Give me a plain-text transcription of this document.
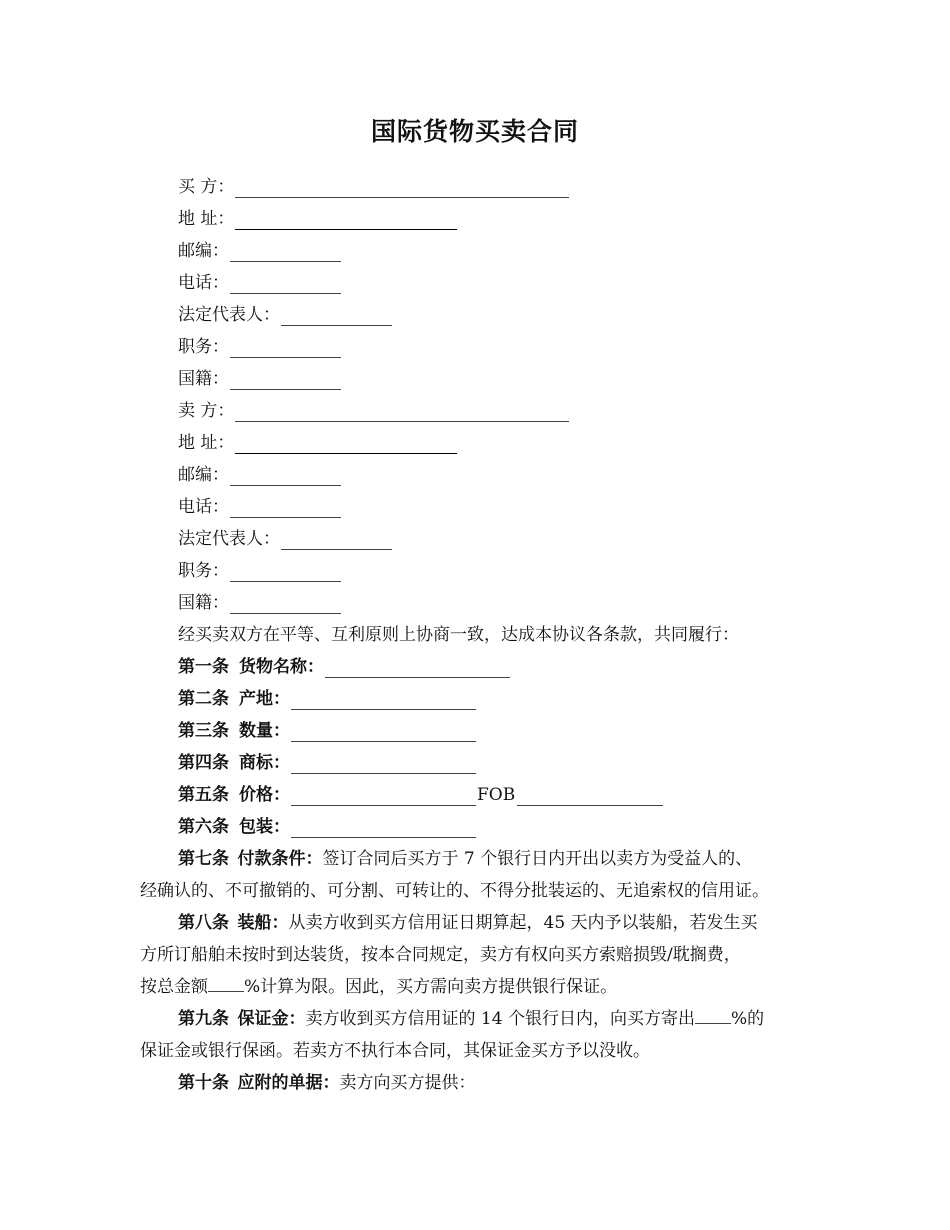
国际货物买卖合同
买 方：
地 址：
邮编：
电话：
法定代表人：
职务：
国籍：
卖 方：
地 址：
邮编：
电话：
法定代表人：
职务：
国籍：
经买卖双方在平等、互利原则上协商一致，达成本协议各条款，共同履行：
第一条 货物名称：
第二条 产地：
第三条 数量：
第四条 商标：
第五条 价格：	FOB
第六条 包装：
第七条  付款条件：签订合同后买方于 7 个银行日内开出以卖方为受益人的、
经确认的、不可撤销的、可分割、可转让的、不得分批装运的、无追索权的信用证。
第八条  装船：从卖方收到买方信用证日期算起，45 天内予以装船，若发生买
方所订船舶未按时到达装货，按本合同规定，卖方有权向买方索赔损毁/耽搁费，
按总金额 %计算为限。因此，买方需向卖方提供银行保证。
第九条  保证金：卖方收到买方信用证的 14 个银行日内，向买方寄出 %的
保证金或银行保函。若卖方不执行本合同，其保证金买方予以没收。
第十条  应附的单据：卖方向买方提供：
